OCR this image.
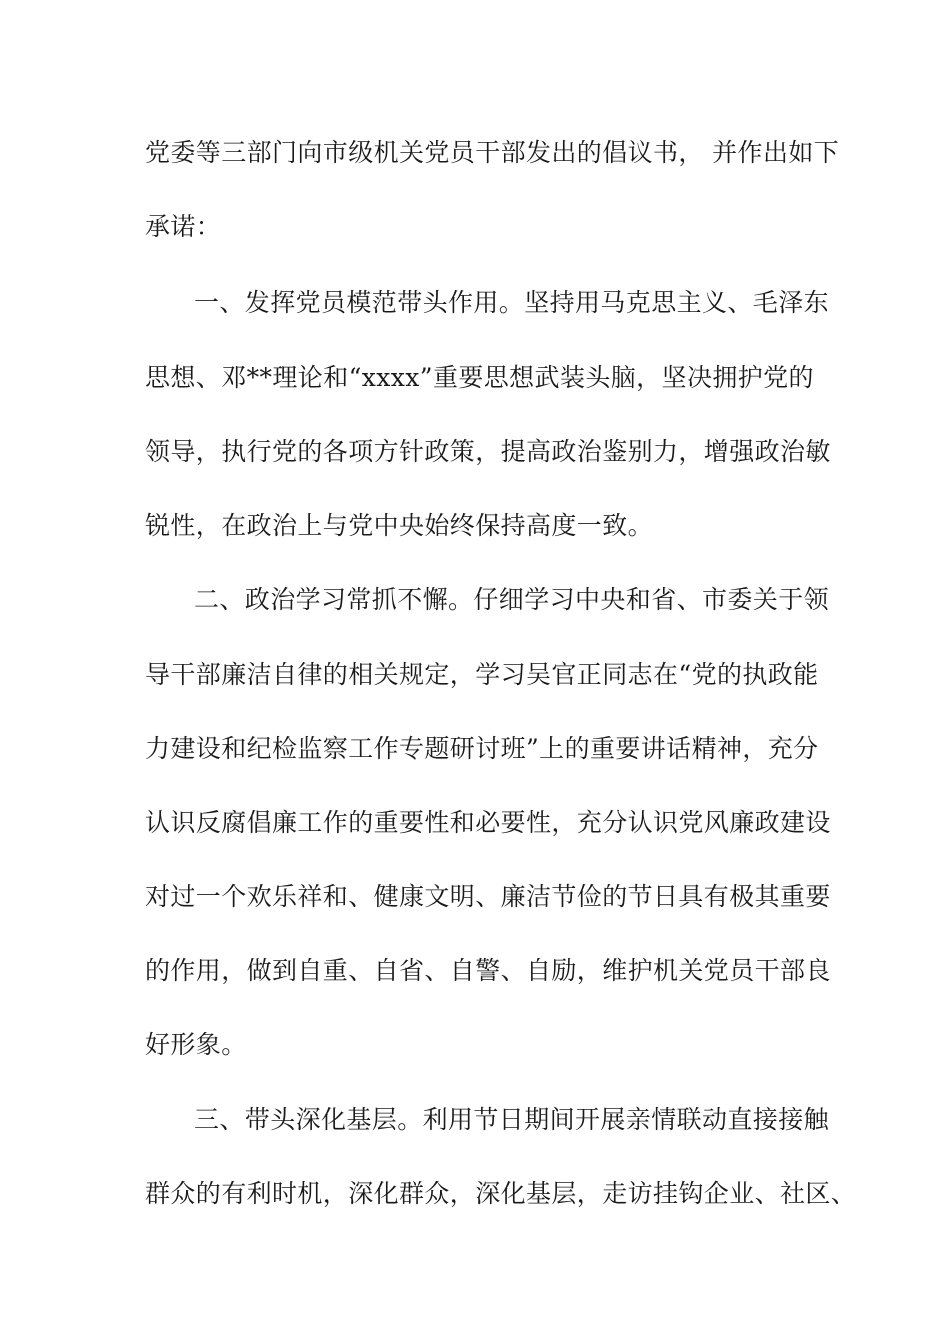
党委等三部门向市级机关党员干部发出的倡议书， 并作出如下
承诺：
一、发挥党员模范带头作用。坚持用马克思主义、毛泽东
思想、邓**理论和“xxxx”重要思想武装头脑，坚决拥护党的
领导，执行党的各项方针政策，提高政治鉴别力，增强政治敏
锐性，在政治上与党中央始终保持高度一致。
二、政治学习常抓不懈。仔细学习中央和省、市委关于领
导干部廉洁自律的相关规定，学习吴官正同志在“党的执政能
力建设和纪检监察工作专题研讨班”上的重要讲话精神，充分
认识反腐倡廉工作的重要性和必要性，充分认识党风廉政建设
对过一个欢乐祥和、健康文明、廉洁节俭的节日具有极其重要
的作用，做到自重、自省、自警、自励，维护机关党员干部良
好形象。
三、带头深化基层。利用节日期间开展亲情联动直接接触
群众的有利时机，深化群众，深化基层，走访挂钩企业、社区、
